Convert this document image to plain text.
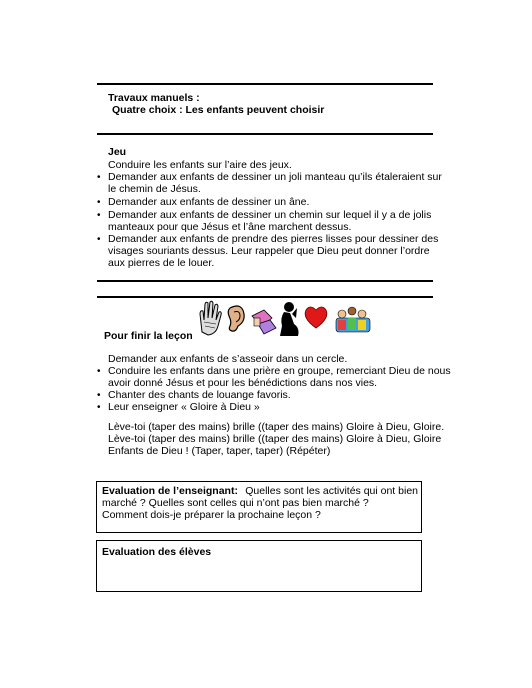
Travaux manuels :
Quatre choix : Les enfants peuvent choisir
Jeu
Conduire les enfants sur l’aire des jeux.
• Demander aux enfants de dessiner un joli manteau qu’ils étaleraient sur
le chemin de Jésus.
• Demander aux enfants de dessiner un âne.
• Demander aux enfants de dessiner un chemin sur lequel il y a de jolis
manteaux pour que Jésus et l’âne marchent dessus.
• Demander aux enfants de prendre des pierres lisses pour dessiner des
visages souriants dessus. Leur rappeler que Dieu peut donner l’ordre
aux pierres de le louer.
Pour finir la leçon
Demander aux enfants de s’asseoir dans un cercle.
• Conduire les enfants dans une prière en groupe, remerciant Dieu de nous
avoir donné Jésus et pour les bénédictions dans nos vies.
• Chanter des chants de louange favoris.
• Leur enseigner « Gloire à Dieu »
Lève-toi (taper des mains) brille ((taper des mains) Gloire à Dieu, Gloire.
Lève-toi (taper des mains) brille ((taper des mains) Gloire à Dieu, Gloire
Enfants de Dieu ! (Taper, taper, taper) (Répéter)
Evaluation de l’enseignant: Quelles sont les activités qui ont bien
marché ? Quelles sont celles qui n’ont pas bien marché ?
Comment dois-je préparer la prochaine leçon ?
Evaluation des élèves
